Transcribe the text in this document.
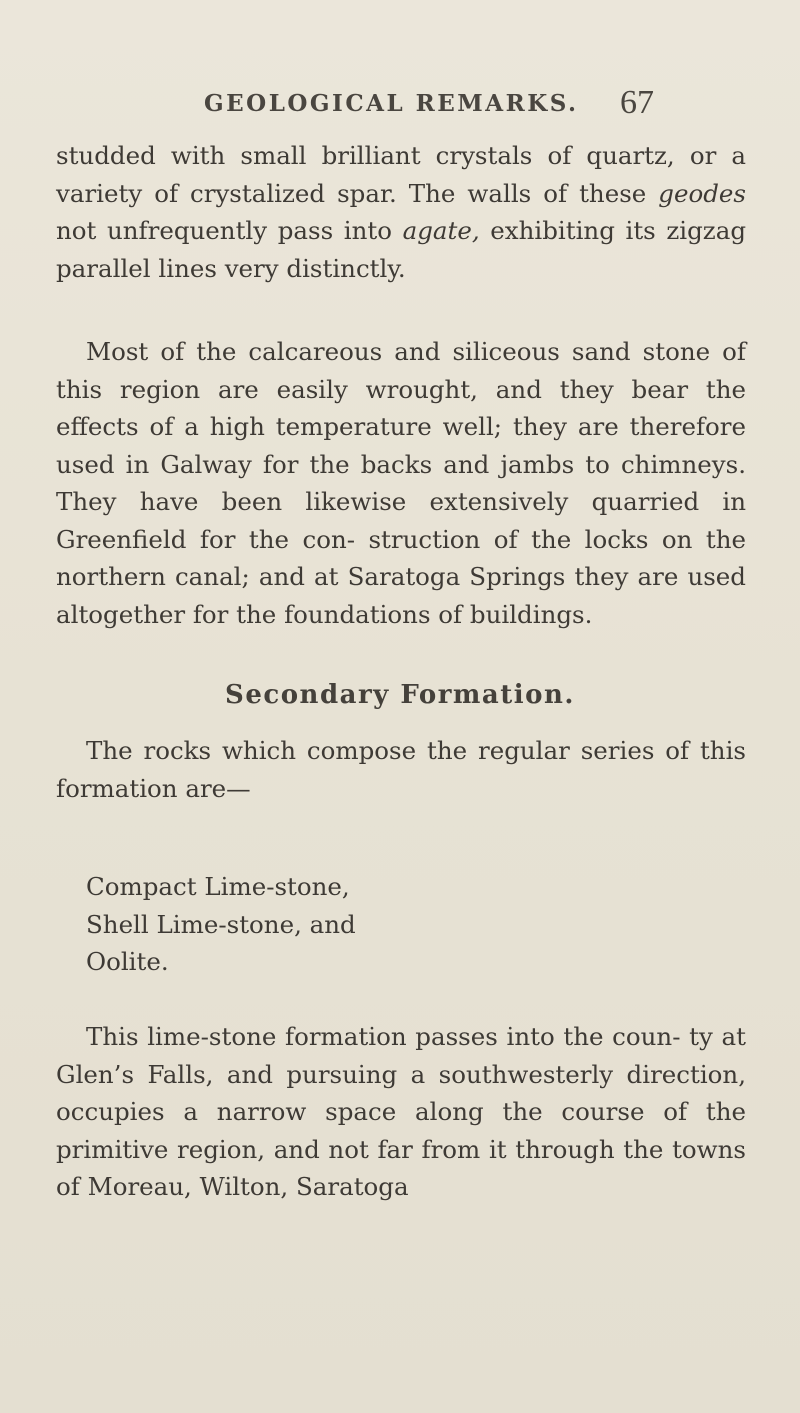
GEOLOGICAL REMARKS. 67

studded with small brilliant crystals of quartz, or a variety of crystalized spar. The walls of these geodes not unfrequently pass into agate, exhibiting its zigzag parallel lines very distinctly.

Most of the calcareous and siliceous sand stone of this region are easily wrought, and they bear the effects of a high temperature well; they are therefore used in Galway for the backs and jambs to chimneys. They have been likewise extensively quarried in Greenfield for the con- struction of the locks on the northern canal; and at Saratoga Springs they are used altogether for the foundations of buildings.

Secondary Formation.

The rocks which compose the regular series of this formation are—

Compact Lime-stone,
Shell Lime-stone, and
Oolite.

This lime-stone formation passes into the coun- ty at Glen’s Falls, and pursuing a southwesterly direction, occupies a narrow space along the course of the primitive region, and not far from it through the towns of Moreau, Wilton, Saratoga
